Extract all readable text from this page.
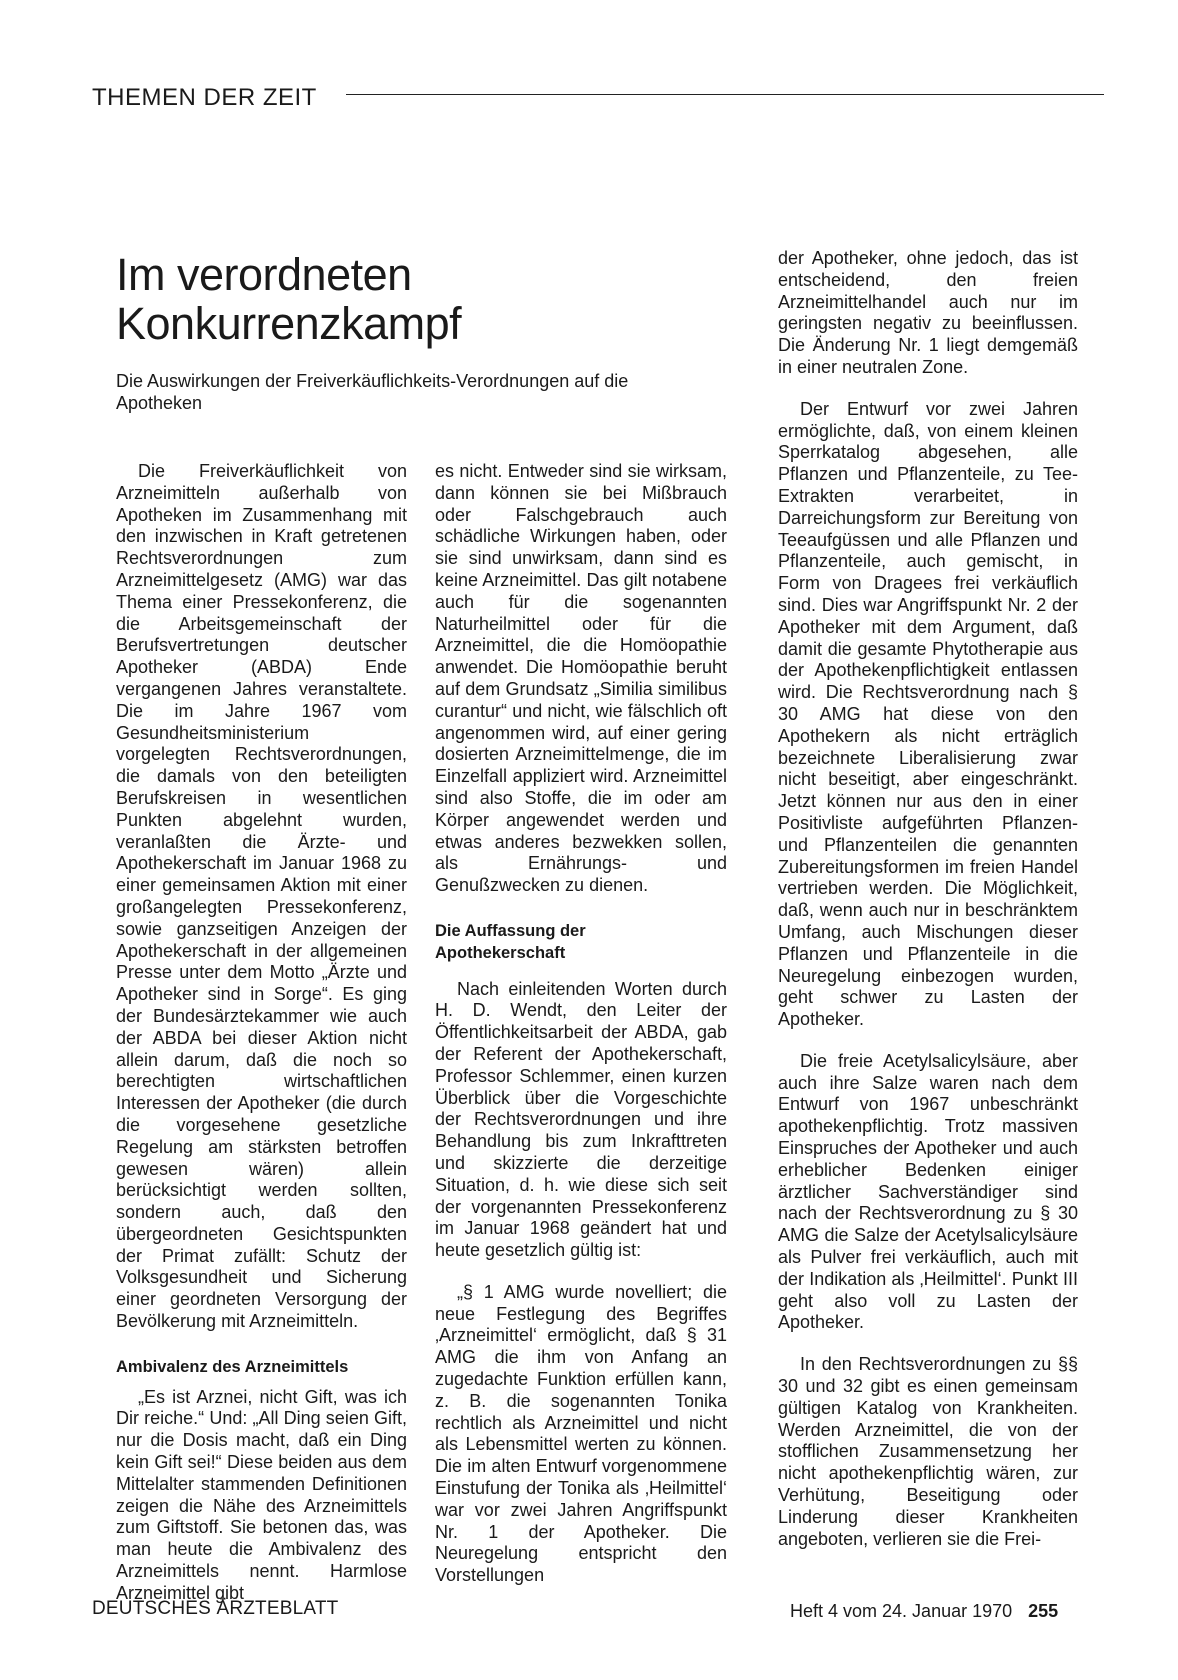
THEMEN DER ZEIT
Im verordneten
Konkurrenzkampf

Die Auswirkungen der Freiverkäuflichkeits-Verordnungen auf die Apotheken

Die Freiverkäuflichkeit von Arzneimitteln außerhalb von Apotheken im Zusammenhang mit den inzwischen in Kraft getretenen Rechtsverordnungen zum Arzneimittelgesetz (AMG) war das Thema einer Pressekonferenz, die die Arbeitsgemeinschaft der Berufsvertretungen deutscher Apotheker (ABDA) Ende vergangenen Jahres veranstaltete. Die im Jahre 1967 vom Gesundheitsministerium vorgelegten Rechtsverordnungen, die damals von den beteiligten Berufskreisen in wesentlichen Punkten abgelehnt wurden, veranlaßten die Ärzte- und Apothekerschaft im Januar 1968 zu einer gemeinsamen Aktion mit einer großangelegten Pressekonferenz, sowie ganzseitigen Anzeigen der Apothekerschaft in der allgemeinen Presse unter dem Motto „Ärzte und Apotheker sind in Sorge“. Es ging der Bundesärztekammer wie auch der ABDA bei dieser Aktion nicht allein darum, daß die noch so berechtigten wirtschaftlichen Interessen der Apotheker (die durch die vorgesehene gesetzliche Regelung am stärksten betroffen gewesen wären) allein berücksichtigt werden sollten, sondern auch, daß den übergeordneten Gesichtspunkten der Primat zufällt: Schutz der Volksgesundheit und Sicherung einer geordneten Versorgung der Bevölkerung mit Arzneimitteln.

Ambivalenz des Arzneimittels

„Es ist Arznei, nicht Gift, was ich Dir reiche.“ Und: „All Ding seien Gift, nur die Dosis macht, daß ein Ding kein Gift sei!“ Diese beiden aus dem Mittelalter stammenden Definitionen zeigen die Nähe des Arzneimittels zum Giftstoff. Sie betonen das, was man heute die Ambivalenz des Arzneimittels nennt. Harmlose Arzneimittel gibt

es nicht. Entweder sind sie wirksam, dann können sie bei Mißbrauch oder Falschgebrauch auch schädliche Wirkungen haben, oder sie sind unwirksam, dann sind es keine Arzneimittel. Das gilt notabene auch für die sogenannten Naturheilmittel oder für die Arzneimittel, die die Homöopathie anwendet. Die Homöopathie beruht auf dem Grundsatz „Similia similibus curantur“ und nicht, wie fälschlich oft angenommen wird, auf einer gering dosierten Arzneimittelmenge, die im Einzelfall appliziert wird. Arzneimittel sind also Stoffe, die im oder am Körper angewendet werden und etwas anderes bezwekken sollen, als Ernährungs- und Genußzwecken zu dienen.

Die Auffassung der Apothekerschaft

Nach einleitenden Worten durch H. D. Wendt, den Leiter der Öffentlichkeitsarbeit der ABDA, gab der Referent der Apothekerschaft, Professor Schlemmer, einen kurzen Überblick über die Vorgeschichte der Rechtsverordnungen und ihre Behandlung bis zum Inkrafttreten und skizzierte die derzeitige Situation, d. h. wie diese sich seit der vorgenannten Pressekonferenz im Januar 1968 geändert hat und heute gesetzlich gültig ist:

„§ 1 AMG wurde novelliert; die neue Festlegung des Begriffes ‚Arzneimittel‘ ermöglicht, daß § 31 AMG die ihm von Anfang an zugedachte Funktion erfüllen kann, z. B. die sogenannten Tonika rechtlich als Arzneimittel und nicht als Lebensmittel werten zu können. Die im alten Entwurf vorgenommene Einstufung der Tonika als ‚Heilmittel‘ war vor zwei Jahren Angriffspunkt Nr. 1 der Apotheker. Die Neuregelung entspricht den Vorstellungen

der Apotheker, ohne jedoch, das ist entscheidend, den freien Arzneimittelhandel auch nur im geringsten negativ zu beeinflussen. Die Änderung Nr. 1 liegt demgemäß in einer neutralen Zone.

Der Entwurf vor zwei Jahren ermöglichte, daß, von einem kleinen Sperrkatalog abgesehen, alle Pflanzen und Pflanzenteile, zu Tee-Extrakten verarbeitet, in Darreichungsform zur Bereitung von Teeaufgüssen und alle Pflanzen und Pflanzenteile, auch gemischt, in Form von Dragees frei verkäuflich sind. Dies war Angriffspunkt Nr. 2 der Apotheker mit dem Argument, daß damit die gesamte Phytotherapie aus der Apothekenpflichtigkeit entlassen wird. Die Rechtsverordnung nach § 30 AMG hat diese von den Apothekern als nicht erträglich bezeichnete Liberalisierung zwar nicht beseitigt, aber eingeschränkt. Jetzt können nur aus den in einer Positivliste aufgeführten Pflanzen- und Pflanzenteilen die genannten Zubereitungsformen im freien Handel vertrieben werden. Die Möglichkeit, daß, wenn auch nur in beschränktem Umfang, auch Mischungen dieser Pflanzen und Pflanzenteile in die Neuregelung einbezogen wurden, geht schwer zu Lasten der Apotheker.

Die freie Acetylsalicylsäure, aber auch ihre Salze waren nach dem Entwurf von 1967 unbeschränkt apothekenpflichtig. Trotz massiven Einspruches der Apotheker und auch erheblicher Bedenken einiger ärztlicher Sachverständiger sind nach der Rechtsverordnung zu § 30 AMG die Salze der Acetylsalicylsäure als Pulver frei verkäuflich, auch mit der Indikation als ‚Heilmittel‘. Punkt III geht also voll zu Lasten der Apotheker.

In den Rechtsverordnungen zu §§ 30 und 32 gibt es einen gemeinsam gültigen Katalog von Krankheiten. Werden Arzneimittel, die von der stofflichen Zusammensetzung her nicht apothekenpflichtig wären, zur Verhütung, Beseitigung oder Linderung dieser Krankheiten angeboten, verlieren sie die Frei-

DEUTSCHES ÄRZTEBLATT	Heft 4 vom 24. Januar 1970 255
